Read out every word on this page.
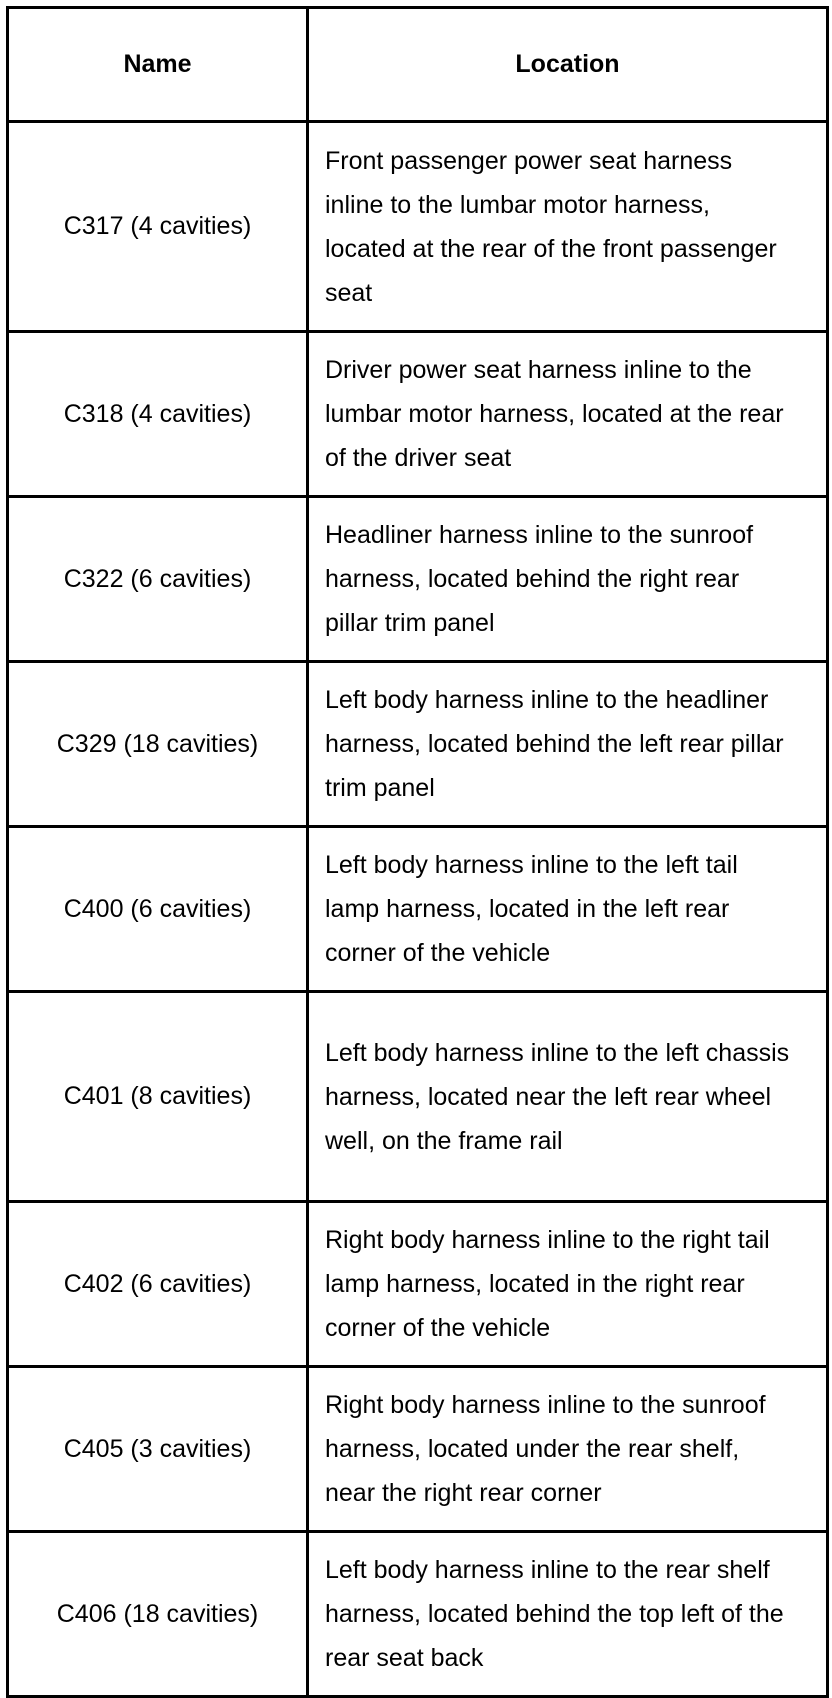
Name	Location
C317 (4 cavities)	Front passenger power seat harness inline to the lumbar motor harness, located at the rear of the front passenger seat
C318 (4 cavities)	Driver power seat harness inline to the lumbar motor harness, located at the rear of the driver seat
C322 (6 cavities)	Headliner harness inline to the sunroof harness, located behind the right rear pillar trim panel
C329 (18 cavities)	Left body harness inline to the headliner harness, located behind the left rear pillar trim panel
C400 (6 cavities)	Left body harness inline to the left tail lamp harness, located in the left rear corner of the vehicle
C401 (8 cavities)	Left body harness inline to the left chassis harness, located near the left rear wheel well, on the frame rail
C402 (6 cavities)	Right body harness inline to the right tail lamp harness, located in the right rear corner of the vehicle
C405 (3 cavities)	Right body harness inline to the sunroof harness, located under the rear shelf, near the right rear corner
C406 (18 cavities)	Left body harness inline to the rear shelf harness, located behind the top left of the rear seat back
